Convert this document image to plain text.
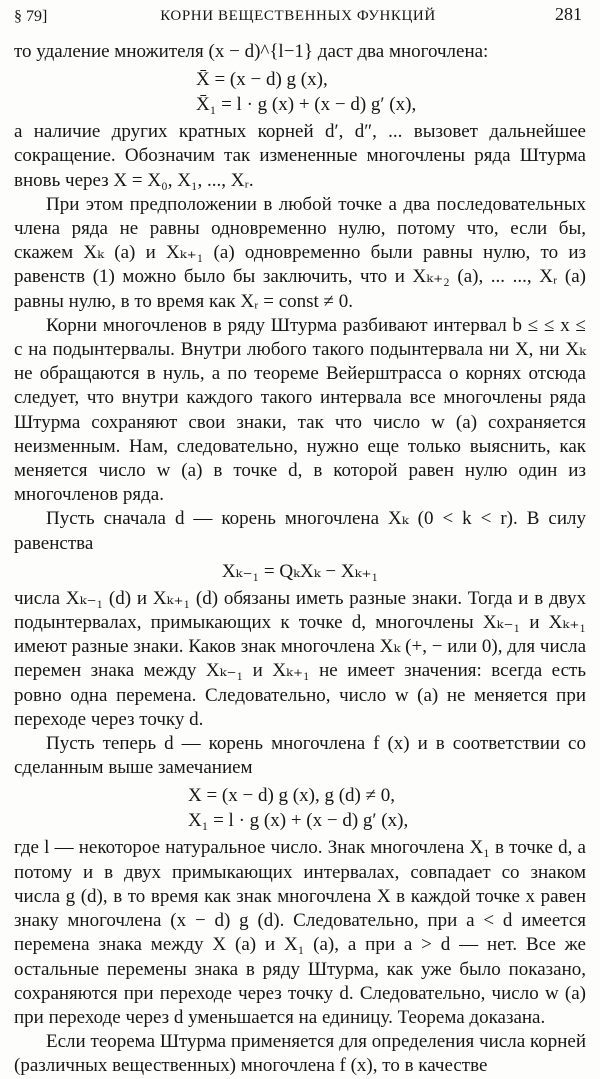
§ 79]	КОРНИ ВЕЩЕСТВЕННЫХ ФУНКЦИЙ	281

то удаление множителя (x − d)^{l−1} даст два многочлена:

X̄ = (x − d) g (x),
X̄₁ = l · g (x) + (x − d) g′ (x),

а наличие других кратных корней d′, d″, ... вызовет дальнейшее сокращение. Обозначим так измененные многочлены ряда Штурма вновь через X = X₀, X₁, ..., Xᵣ.

При этом предположении в любой точке a два последовательных члена ряда не равны одновременно нулю, потому что, если бы, скажем Xₖ (a) и Xₖ₊₁ (a) одновременно были равны нулю, то из равенств (1) можно было бы заключить, что и Xₖ₊₂ (a), ... ..., Xᵣ (a) равны нулю, в то время как Xᵣ = const ≠ 0.

Корни многочленов в ряду Штурма разбивают интервал b ≤ ≤ x ≤ c на подынтервалы. Внутри любого такого подынтервала ни X, ни Xₖ не обращаются в нуль, а по теореме Вейерштрасса о корнях отсюда следует, что внутри каждого такого интервала все многочлены ряда Штурма сохраняют свои знаки, так что число w (a) сохраняется неизменным. Нам, следовательно, нужно еще только выяснить, как меняется число w (a) в точке d, в которой равен нулю один из многочленов ряда.

Пусть сначала d — корень многочлена Xₖ (0 < k < r). В силу равенства

Xₖ₋₁ = QₖXₖ − Xₖ₊₁

числа Xₖ₋₁ (d) и Xₖ₊₁ (d) обязаны иметь разные знаки. Тогда и в двух подынтервалах, примыкающих к точке d, многочлены Xₖ₋₁ и Xₖ₊₁ имеют разные знаки. Каков знак многочлена Xₖ (+, − или 0), для числа перемен знака между Xₖ₋₁ и Xₖ₊₁ не имеет значения: всегда есть ровно одна перемена. Следовательно, число w (a) не меняется при переходе через точку d.

Пусть теперь d — корень многочлена f (x) и в соответствии со сделанным выше замечанием

X = (x − d) g (x), g (d) ≠ 0,
X₁ = l · g (x) + (x − d) g′ (x),

где l — некоторое натуральное число. Знак многочлена X₁ в точке d, а потому и в двух примыкающих интервалах, совпадает со знаком числа g (d), в то время как знак многочлена X в каждой точке x равен знаку многочлена (x − d) g (d). Следовательно, при a < d имеется перемена знака между X (a) и X₁ (a), а при a > d — нет. Все же остальные перемены знака в ряду Штурма, как уже было показано, сохраняются при переходе через точку d. Следовательно, число w (a) при переходе через d уменьшается на единицу. Теорема доказана.

Если теорема Штурма применяется для определения числа корней (различных вещественных) многочлена f (x), то в качестве
